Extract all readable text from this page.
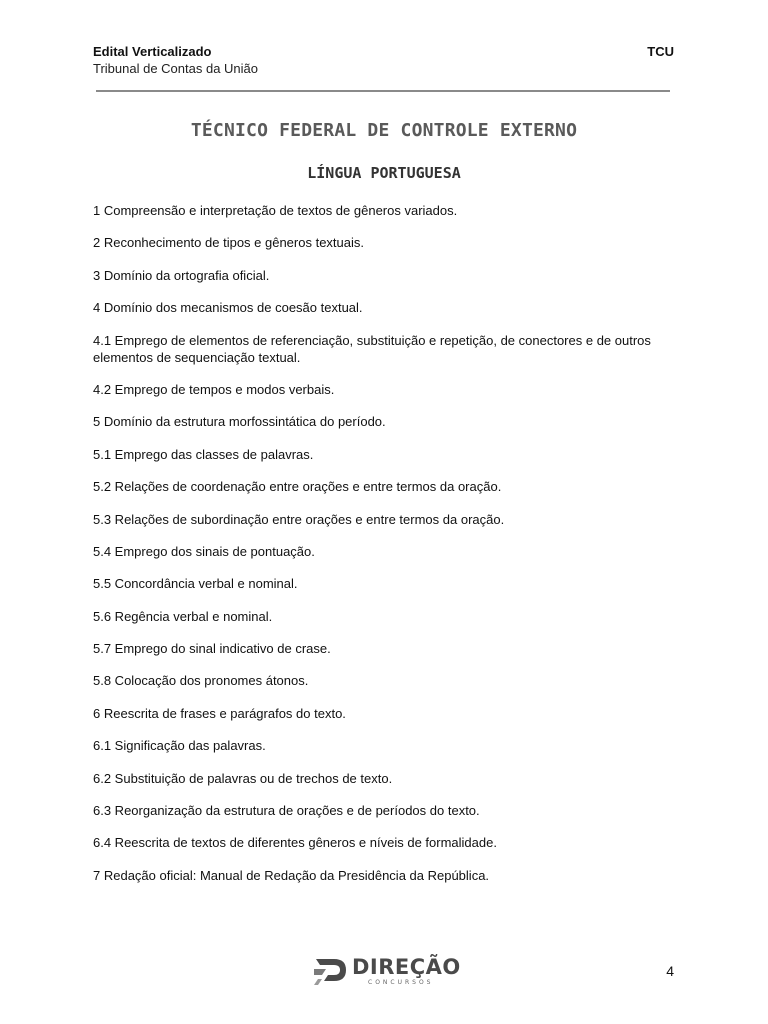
Edital Verticalizado
Tribunal de Contas da União
TCU
TÉCNICO FEDERAL DE CONTROLE EXTERNO
LÍNGUA PORTUGUESA
1 Compreensão e interpretação de textos de gêneros variados.
2 Reconhecimento de tipos e gêneros textuais.
3 Domínio da ortografia oficial.
4 Domínio dos mecanismos de coesão textual.
4.1 Emprego de elementos de referenciação, substituição e repetição, de conectores e de outros elementos de sequenciação textual.
4.2 Emprego de tempos e modos verbais.
5 Domínio da estrutura morfossintática do período.
5.1 Emprego das classes de palavras.
5.2 Relações de coordenação entre orações e entre termos da oração.
5.3 Relações de subordinação entre orações e entre termos da oração.
5.4 Emprego dos sinais de pontuação.
5.5 Concordância verbal e nominal.
5.6 Regência verbal e nominal.
5.7 Emprego do sinal indicativo de crase.
5.8 Colocação dos pronomes átonos.
6 Reescrita de frases e parágrafos do texto.
6.1 Significação das palavras.
6.2 Substituição de palavras ou de trechos de texto.
6.3 Reorganização da estrutura de orações e de períodos do texto.
6.4 Reescrita de textos de diferentes gêneros e níveis de formalidade.
7 Redação oficial: Manual de Redação da Presidência da República.
DIREÇÃO
CONCURSOS
4
